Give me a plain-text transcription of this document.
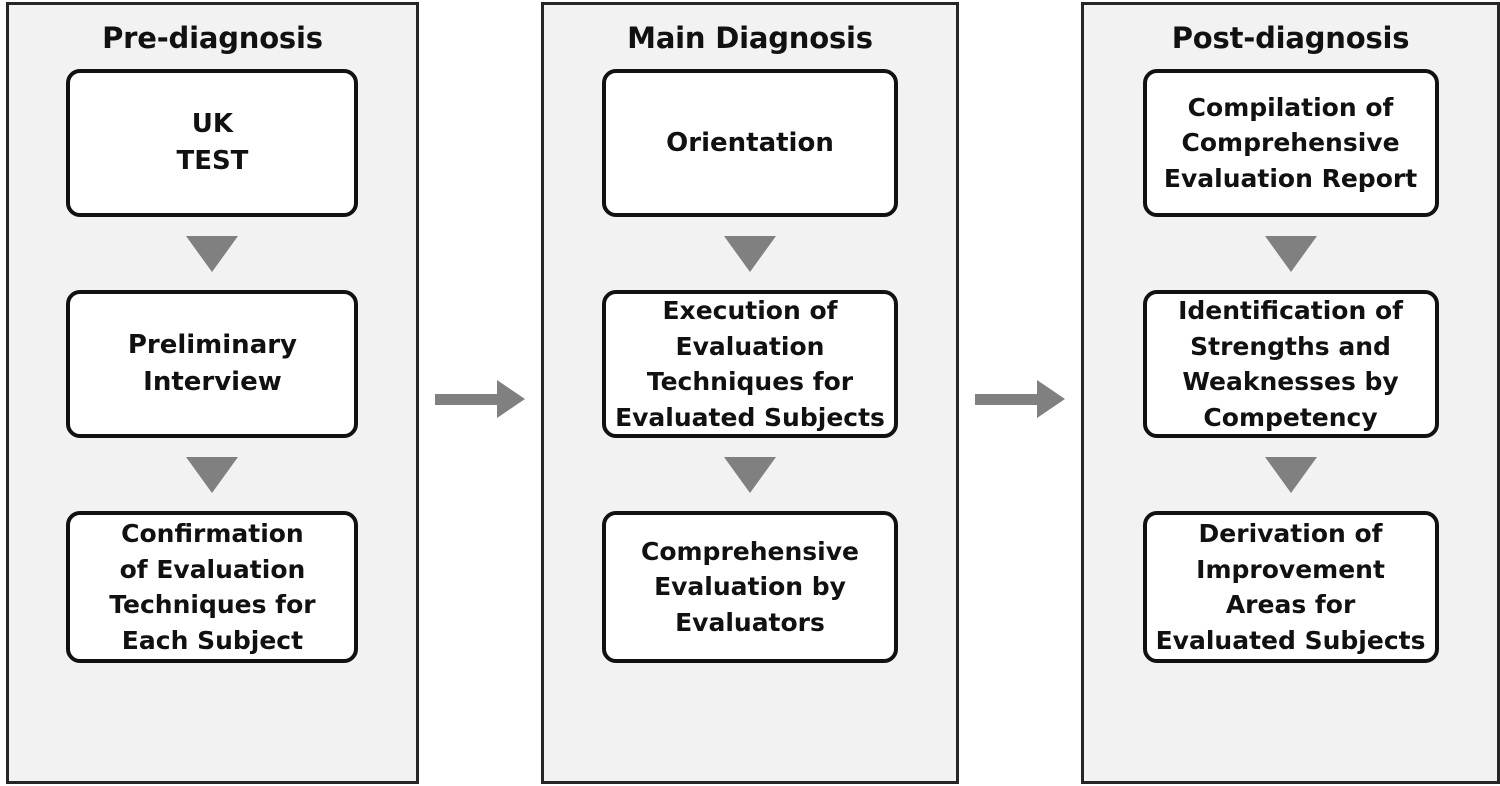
Pre-diagnosis
UK
TEST
Preliminary
Interview
Confirmation
of Evaluation
Techniques for
Each Subject
Main Diagnosis
Orientation
Execution of
Evaluation
Techniques for
Evaluated Subjects
Comprehensive
Evaluation by
Evaluators
Post-diagnosis
Compilation of
Comprehensive
Evaluation Report
Identification of
Strengths and
Weaknesses by
Competency
Derivation of
Improvement
Areas for
Evaluated Subjects
